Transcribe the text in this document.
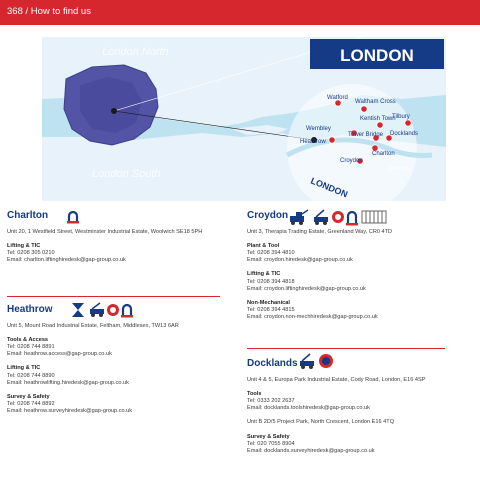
368 / How to find us
Watford
Waltham Cross
Kentish Town
Tilbury
Wembley
Tower Bridge Docklands
Heathrow
Charlton
Croydon
Sheerness
London North
London South
LONDON
LONDON
Charlton
Unit 20, 1 Westfield Street, Westminster Industrial Estate, Woolwich SE18 5PH
Lifting & TIC
Tel: 0208 305 0210
Email: charlton.liftinghiredesk@gap-group.co.uk
Heathrow
Unit 5, Mount Road Industrial Estate, Feltham, Middlesex, TW13 6AR
Tools & Access
Tel: 0208 744 8891
Email: heathrow.access@gap-group.co.uk
Lifting & TIC
Tel: 0208 744 8890
Email: heathrowlifting.hiredesk@gap-group.co.uk
Survey & Safety
Tel: 0208 744 8892
Email: heathrow.surveyhiredesk@gap-group.co.uk
Croydon
Unit 3, Therapia Trading Estate, Greenland Way, CR0 4TD
Plant & Tool
Tel: 0208 394 4810
Email: croydon.hiredesk@gap-group.co.uk
Lifting & TIC
Tel: 0208 394 4818
Email: croydon.liftinghiredesk@gap-group.co.uk
Non-Mechanical
Tel: 0208 394 4815
Email: croydon.non-mechhiredesk@gap-group.co.uk
Docklands
Unit 4 & 5, Europa Park Industrial Estate, Cody Road, London, E16 4SP
Tools
Tel: 0333 202 2637
Email: docklands.toolshiredesk@gap-group.co.uk
Unit B 2D/5 Project Park, North Crescent, London E16 4TQ
Survey & Safety
Tel: 020 7055 8904
Email: docklands.surveyhiredesk@gap-group.co.uk
